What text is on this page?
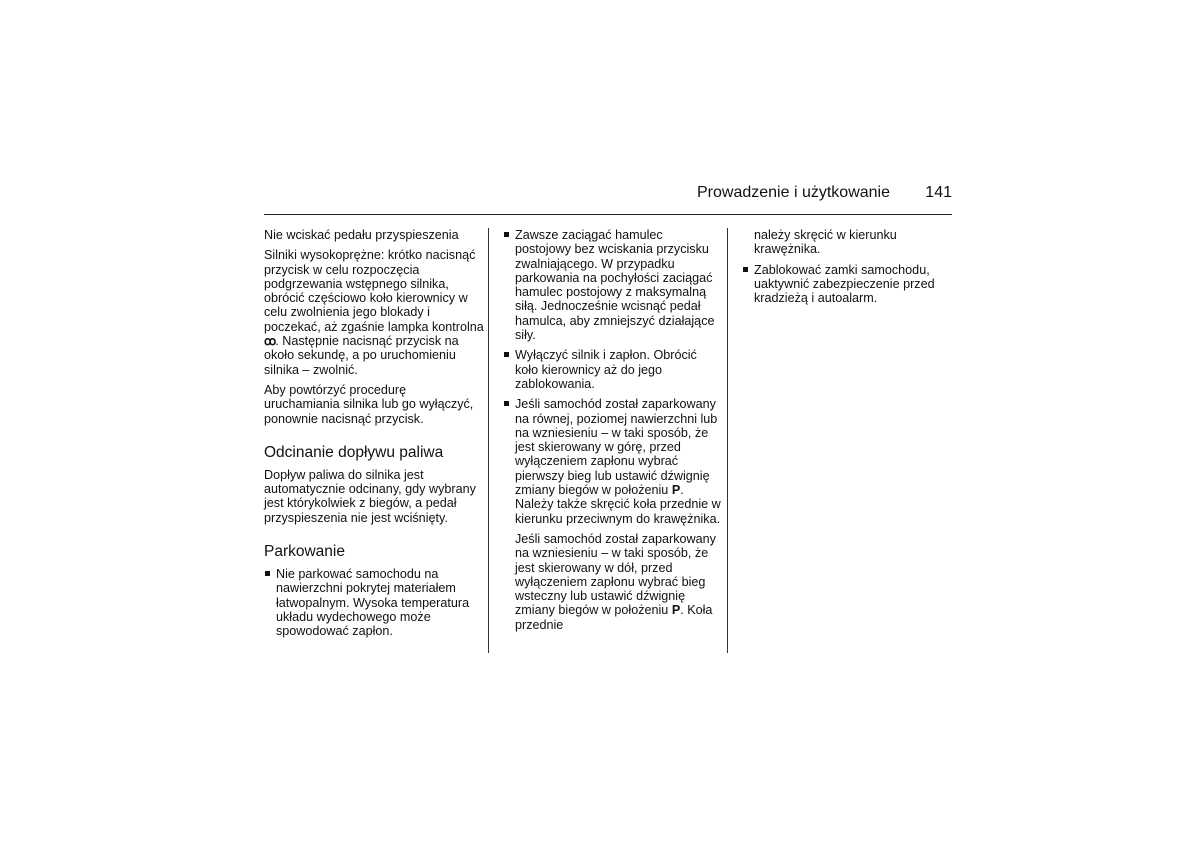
Prowadzenie i użytkowanie 141

Nie wciskać pedału przyspieszenia

Silniki wysokoprężne: krótko nacisnąć przycisk w celu rozpoczęcia podgrzewania wstępnego silnika, obrócić częściowo koło kierownicy w celu zwolnienia jego blokady i poczekać, aż zgaśnie lampka kontrolna ꝏ. Następnie nacisnąć przycisk na około sekundę, a po uruchomieniu silnika – zwolnić.

Aby powtórzyć procedurę uruchamiania silnika lub go wyłączyć, ponownie nacisnąć przycisk.

Odcinanie dopływu paliwa

Dopływ paliwa do silnika jest automatycznie odcinany, gdy wybrany jest którykolwiek z biegów, a pedał przyspieszenia nie jest wciśnięty.

Parkowanie

Nie parkować samochodu na nawierzchni pokrytej materiałem łatwopalnym. Wysoka temperatura układu wydechowego może spowodować zapłon.

Zawsze zaciągać hamulec postojowy bez wciskania przycisku zwalniającego. W przypadku parkowania na pochyłości zaciągać hamulec postojowy z maksymalną siłą. Jednocześnie wcisnąć pedał hamulca, aby zmniejszyć działające siły.

Wyłączyć silnik i zapłon. Obrócić koło kierownicy aż do jego zablokowania.

Jeśli samochód został zaparkowany na równej, poziomej nawierzchni lub na wzniesieniu – w taki sposób, że jest skierowany w górę, przed wyłączeniem zapłonu wybrać pierwszy bieg lub ustawić dźwignię zmiany biegów w położeniu P. Należy także skręcić koła przednie w kierunku przeciwnym do krawężnika.

Jeśli samochód został zaparkowany na wzniesieniu – w taki sposób, że jest skierowany w dół, przed wyłączeniem zapłonu wybrać bieg wsteczny lub ustawić dźwignię zmiany biegów w położeniu P. Koła przednie

należy skręcić w kierunku krawężnika.

Zablokować zamki samochodu, uaktywnić zabezpieczenie przed kradzieżą i autoalarm.
